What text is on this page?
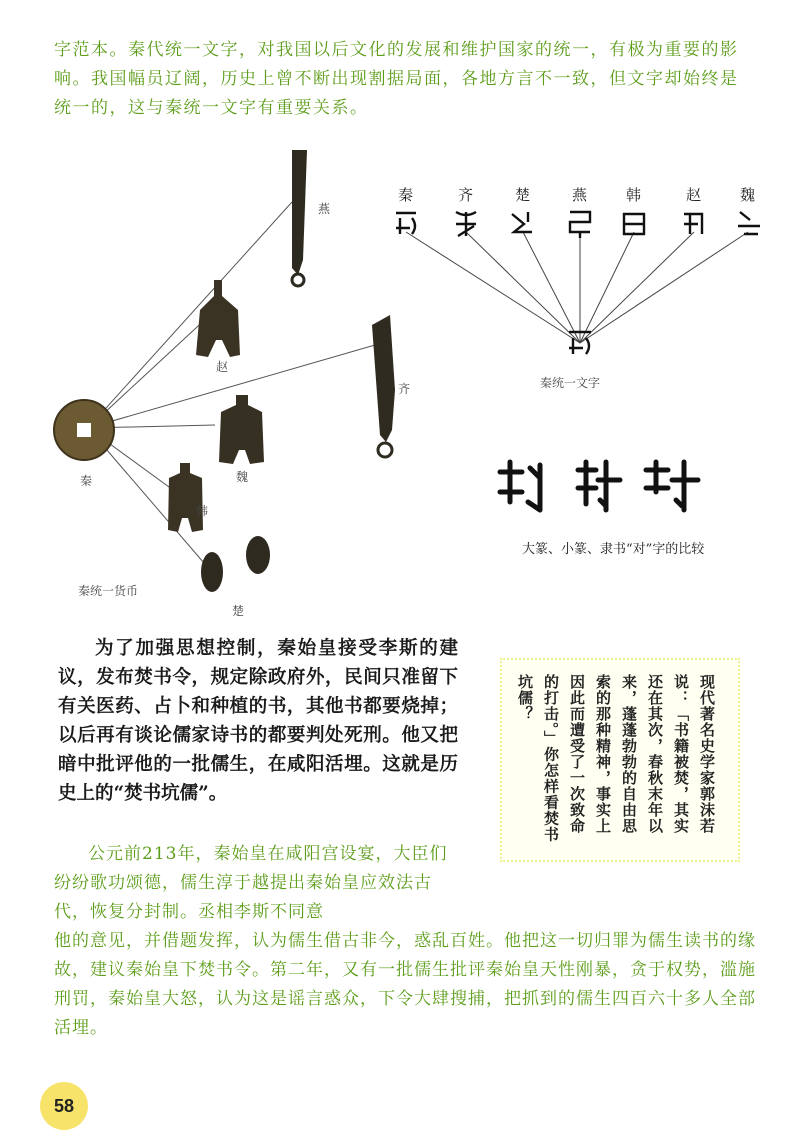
字范本。秦代统一文字，对我国以后文化的发展和维护国家的统一，有极为重要的影响。我国幅员辽阔，历史上曾不断出现割据局面，各地方言不一致，但文字却始终是统一的，这与秦统一文字有重要关系。
燕
赵
齐
秦	魏
韩
楚
秦统一货币
秦	齐	楚	燕	韩	赵	魏
秦统一文字
大篆、小篆、隶书“对”字的比较
为了加强思想控制，秦始皇接受李斯的建议，发布焚书令，规定除政府外，民间只准留下有关医药、占卜和种植的书，其他书都要烧掉；以后再有谈论儒家诗书的都要判处死刑。他又把暗中批评他的一批儒生，在咸阳活埋。这就是历史上的“焚书坑儒”。	现代著名史学家郭沫若说：「书籍被焚，其实还在其次，春秋末年以来，蓬蓬勃勃的自由思索的那种精神，事实上因此而遭受了一次致命的打击。」你怎样看焚书坑儒？
公元前213年，秦始皇在咸阳宫设宴，大臣们纷纷歌功颂德，儒生淳于越提出秦始皇应效法古代，恢复分封制。丞相李斯不同意
他的意见，并借题发挥，认为儒生借古非今，惑乱百姓。他把这一切归罪为儒生读书的缘故，建议秦始皇下焚书令。第二年，又有一批儒生批评秦始皇天性刚暴，贪于权势，滥施刑罚，秦始皇大怒，认为这是谣言惑众，下令大肆搜捕，把抓到的儒生四百六十多人全部活埋。
58
